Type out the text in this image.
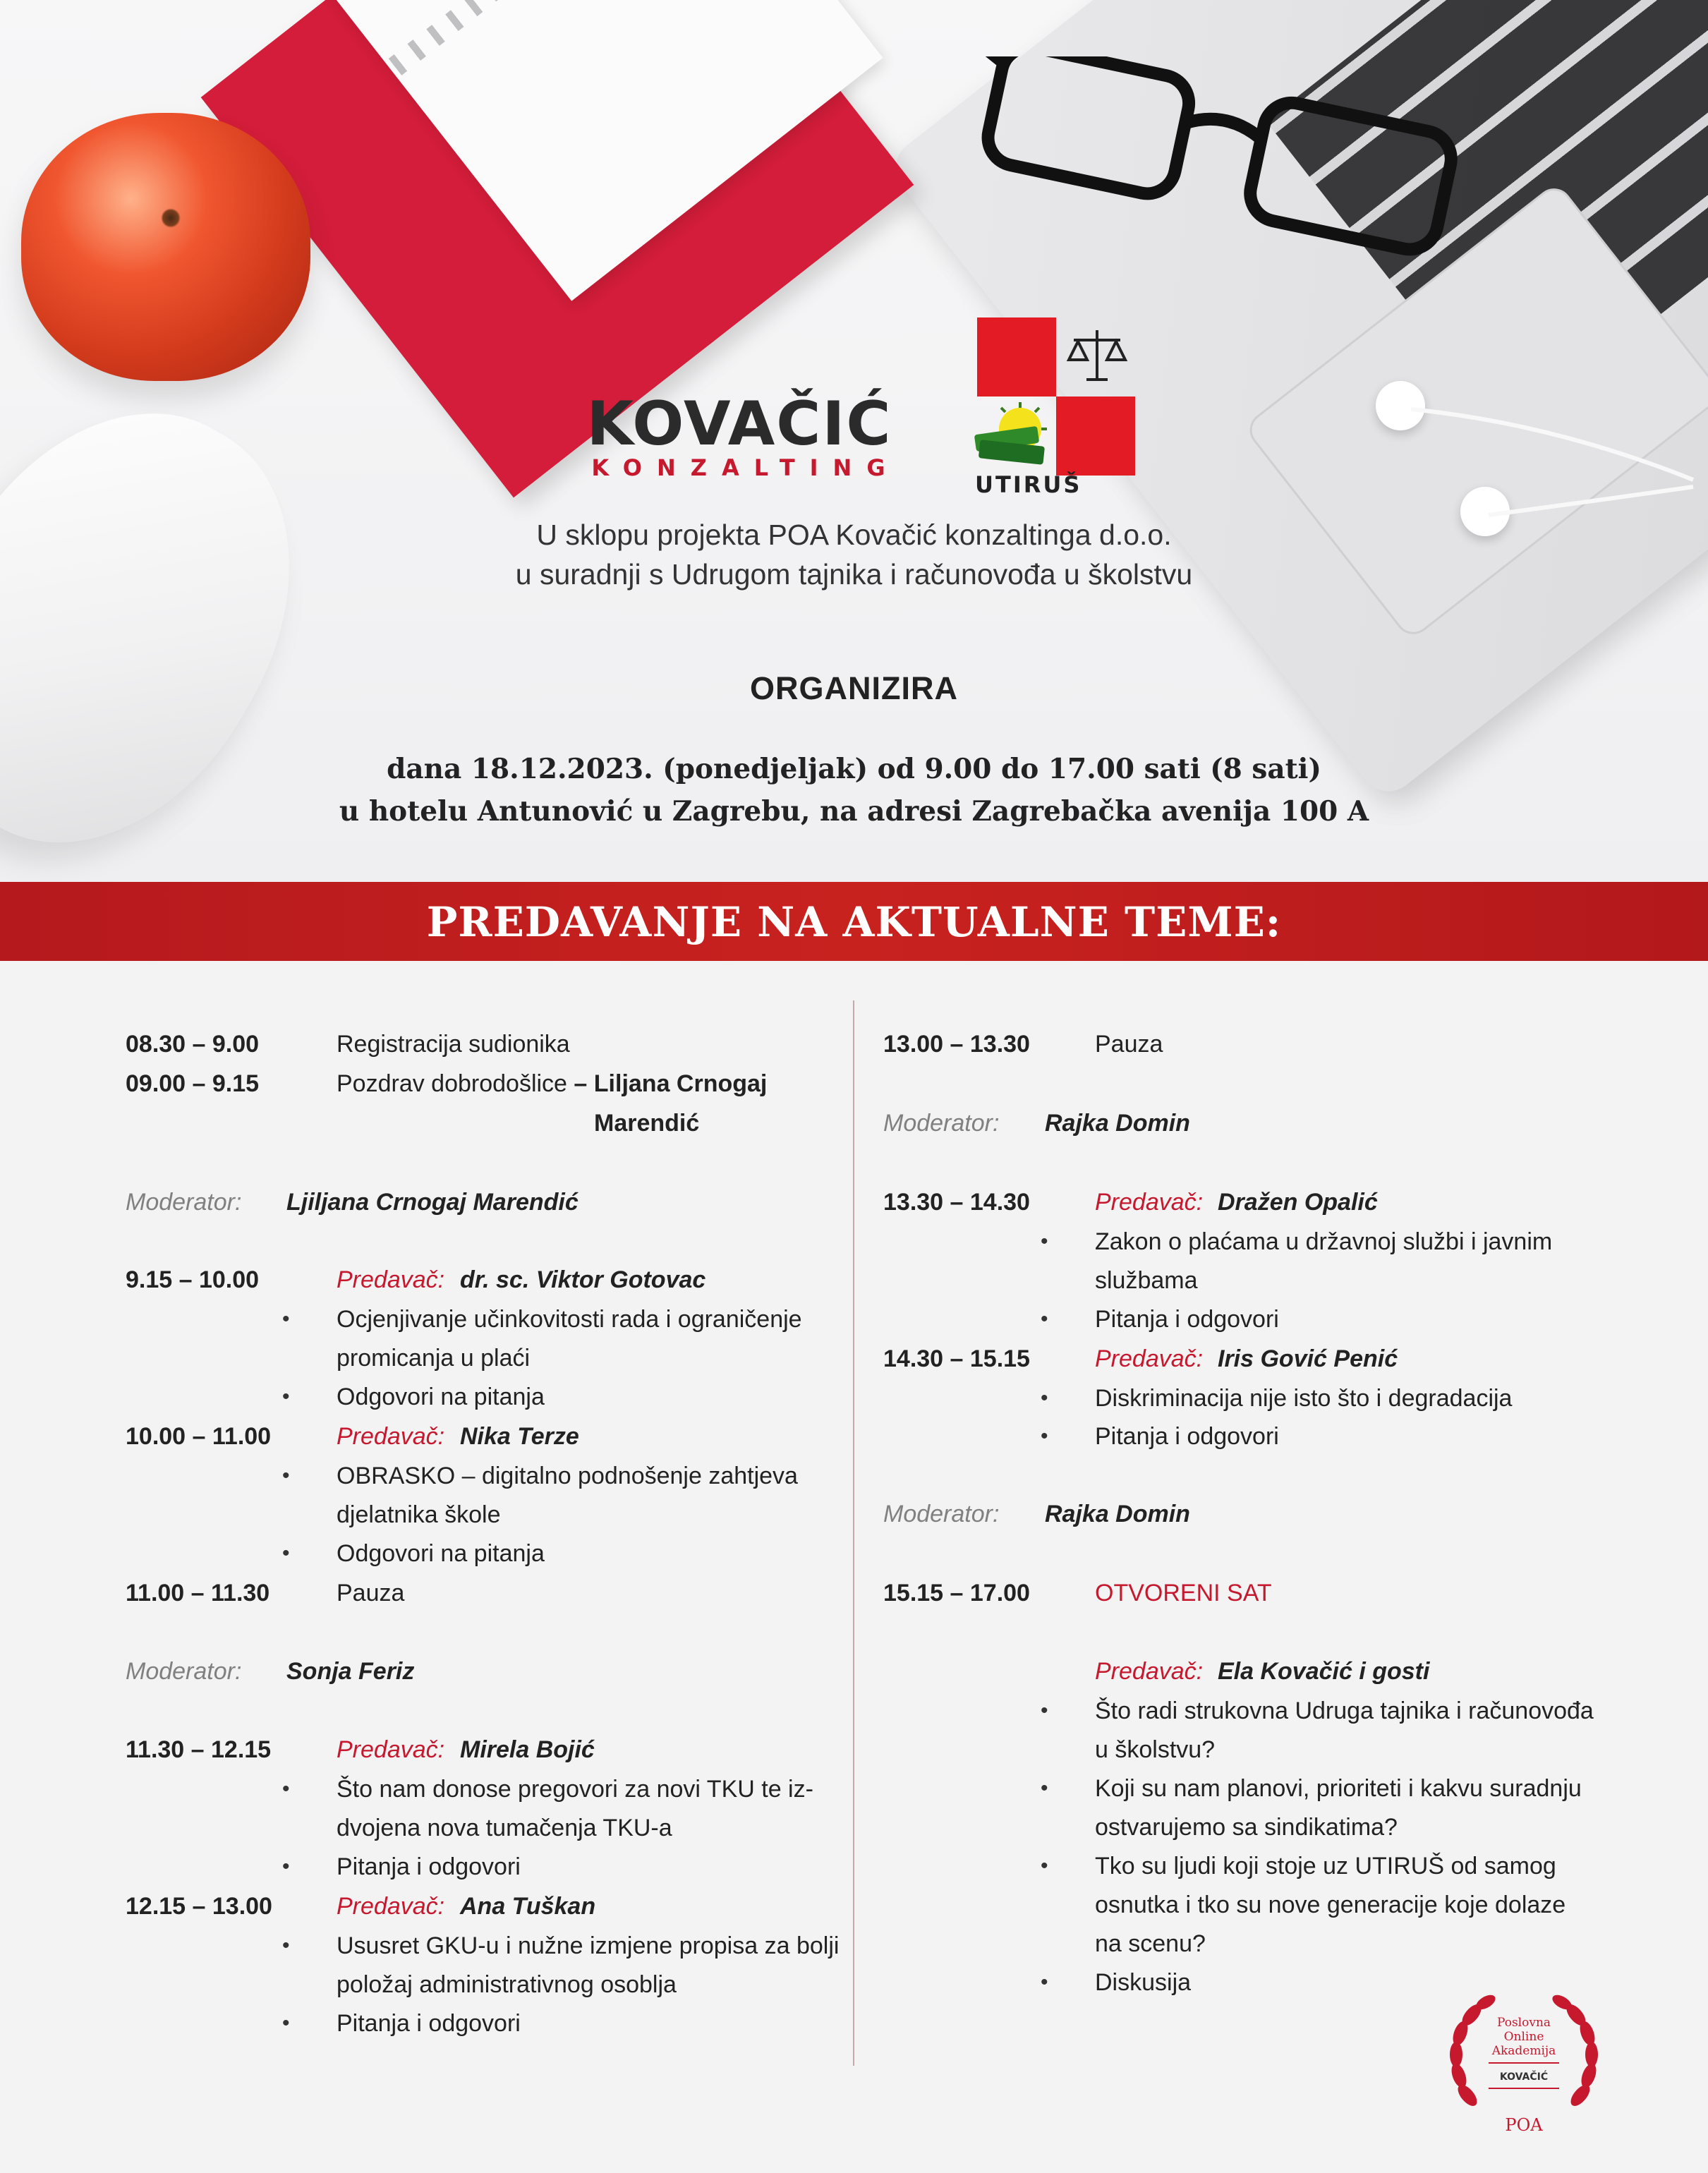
KOVAČIĆ
KONZALTING
UTIRUŠ
U sklopu projekta POA Kovačić konzaltinga d.o.o.
u suradnji s Udrugom tajnika i računovođa u školstvu
ORGANIZIRA
dana 18.12.2023. (ponedjeljak) od 9.00 do 17.00 sati (8 sati)
u hotelu Antunović u Zagrebu, na adresi Zagrebačka avenija 100 A
PREDAVANJE NA AKTUALNE TEME:
08.30 – 9.00	Registracija sudionika
09.00 – 9.15	Pozdrav dobrodošlice – Liljana Crnogaj
Marendić
Moderator: Ljiljana Crnogaj Marendić
9.15 – 10.00	Predavač: dr. sc. Viktor Gotovac
• Ocjenjivanje učinkovitosti rada i ograničenje
promicanja u plaći
• Odgovori na pitanja
10.00 – 11.00	Predavač: Nika Terze
• OBRASKO – digitalno podnošenje zahtjeva
djelatnika škole
• Odgovori na pitanja
11.00 – 11.30	Pauza
Moderator: Sonja Feriz
11.30 – 12.15	Predavač: Mirela Bojić
• Što nam donose pregovori za novi TKU te iz-
dvojena nova tumačenja TKU-a
• Pitanja i odgovori
12.15 – 13.00	Predavač: Ana Tuškan
• Ususret GKU-u i nužne izmjene propisa za bolji
položaj administrativnog osoblja
• Pitanja i odgovori
13.00 – 13.30	Pauza
Moderator: Rajka Domin
13.30 – 14.30	Predavač: Dražen Opalić
• Zakon o plaćama u državnoj službi i javnim
službama
• Pitanja i odgovori
14.30 – 15.15	Predavač: Iris Gović Penić
• Diskriminacija nije isto što i degradacija
• Pitanja i odgovori
Moderator: Rajka Domin
15.15 – 17.00	OTVORENI SAT
Predavač: Ela Kovačić i gosti
• Što radi strukovna Udruga tajnika i računovođa
u školstvu?
• Koji su nam planovi, prioriteti i kakvu suradnju
ostvarujemo sa sindikatima?
• Tko su ljudi koji stoje uz UTIRUŠ od samog
osnutka i tko su nove generacije koje dolaze
na scenu?
• Diskusija
Poslovna
Online
Akademija
KOVAČIĆ
POA
